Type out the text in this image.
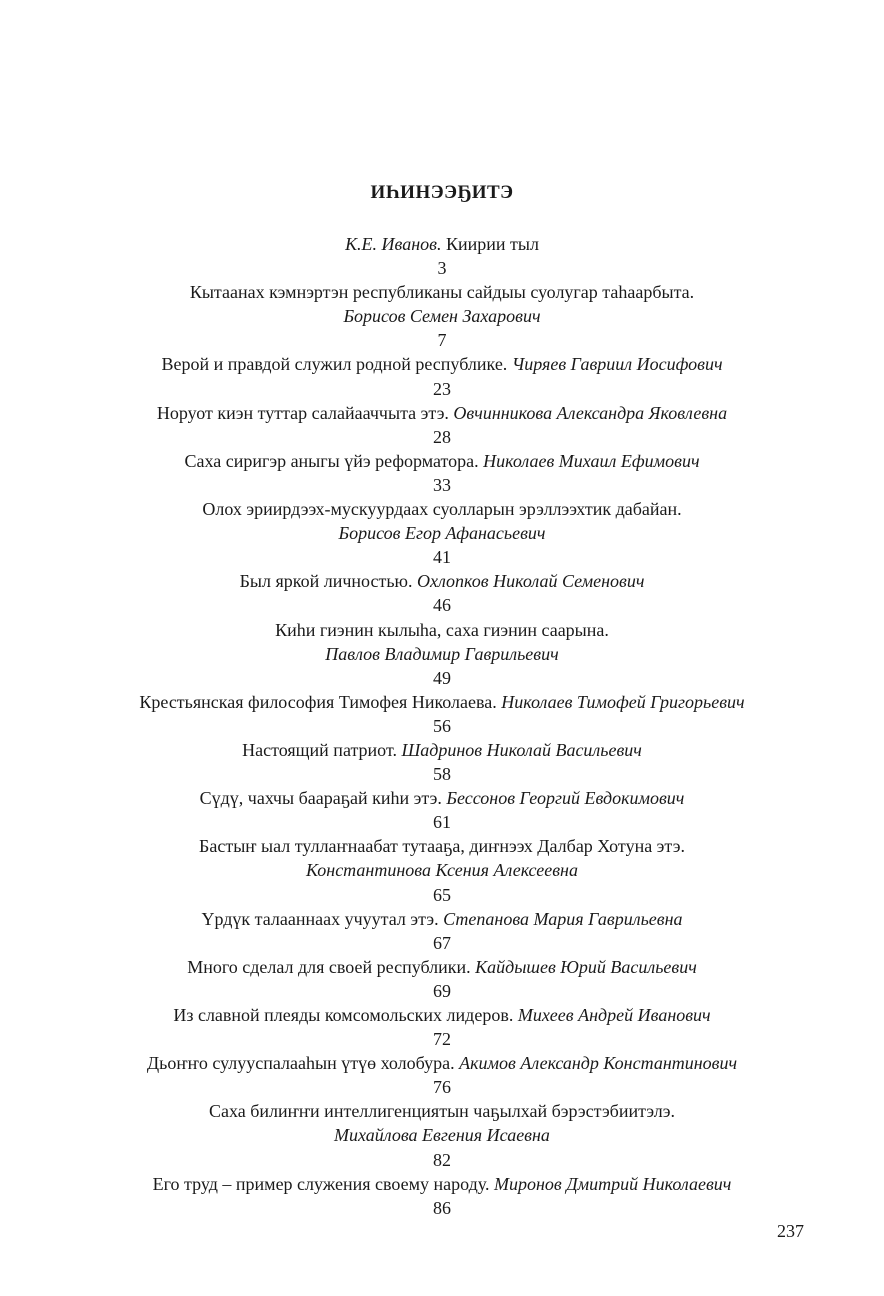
ИҺИНЭЭҔИТЭ
К.Е. Иванов. Киирии тыл
3
Кытаанах кэмнэртэн республиканы сайдыы суолугар таһаарбыта.
Борисов Семен Захарович
7
Верой и правдой служил родной республике. Чиряев Гавриил Иосифович
23
Норуот киэн туттар салайааччыта этэ. Овчинникова Александра Яковлевна
28
Саха сиригэр аныгы үйэ реформатора. Николаев Михаил Ефимович
33
Олох эриирдээх-мускуурдаах суолларын эрэллээхтик дабайан.
Борисов Егор Афанасьевич
41
Был яркой личностью. Охлопков Николай Семенович
46
Киһи гиэнин кылыһа, саха гиэнин саарына.
Павлов Владимир Гаврильевич
49
Крестьянская философия Тимофея Николаева. Николаев Тимофей Григорьевич
56
Настоящий патриот. Шадринов Николай Васильевич
58
Сүдү, чахчы баараҕай киһи этэ. Бессонов Георгий Евдокимович
61
Бастыҥ ыал туллаҥнаабат тутааҕа, диҥнээх Далбар Хотуна этэ.
Константинова Ксения Алексеевна
65
Үрдүк талааннаах учуутал этэ. Степанова Мария Гаврильевна
67
Много сделал для своей республики. Кайдышев Юрий Васильевич
69
Из славной плеяды комсомольских лидеров. Михеев Андрей Иванович
72
Дьоҥҥо сулууспалааһын үтүө холобура. Акимов Александр Константинович
76
Саха билиҥҥи интеллигенциятын чаҕылхай бэрэстэбиитэлэ.
Михайлова Евгения Исаевна
82
Его труд – пример служения своему народу. Миронов Дмитрий Николаевич
86
237
